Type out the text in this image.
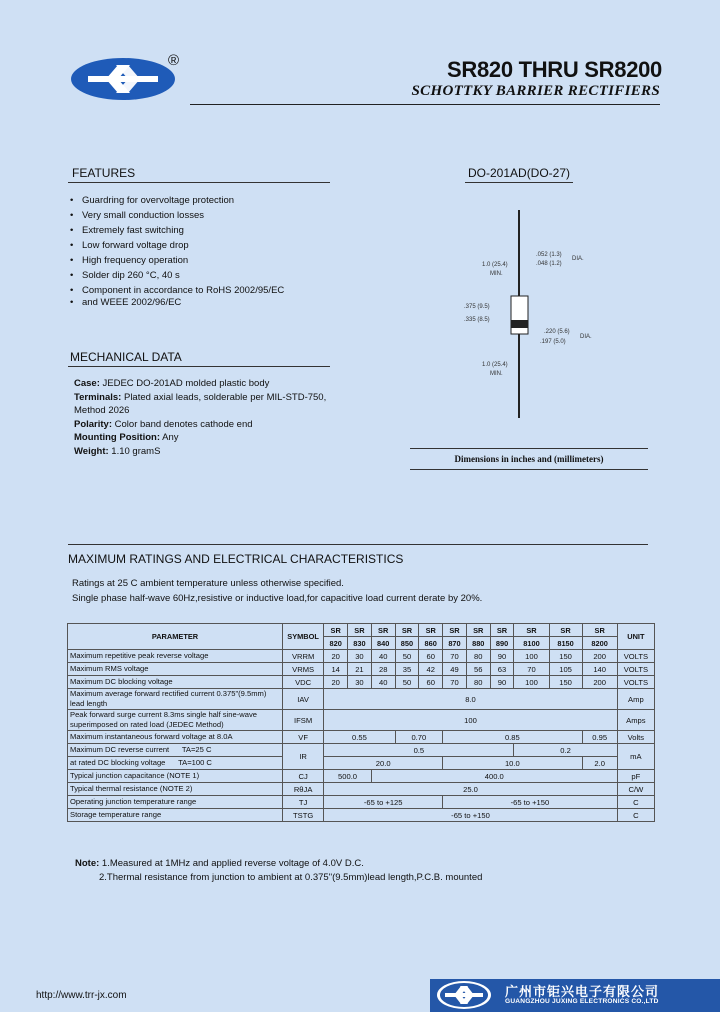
®	SR820 THRU SR8200
SCHOTTKY BARRIER RECTIFIERS
FEATURES
• Guardring for overvoltage protection
• Very small conduction losses
• Extremely fast switching
• Low forward voltage drop
• High frequency operation
• Solder dip 260 °C, 40 s
• Component in accordance to RoHS 2002/95/EC
• and WEEE 2002/96/EC
DO-201AD(DO-27)
1.0 (25.4)
MIN.
.052 (1.3)
.048 (1.2)
DIA.
.375 (9.5)
.335 (8.5)
.220 (5.6)
.197 (5.0)
DIA.
1.0 (25.4)
MIN.
Dimensions in inches and (millimeters)
MECHANICAL DATA
Case: JEDEC DO-201AD molded plastic body
Terminals: Plated axial leads, solderable per MIL-STD-750,
Method 2026
Polarity: Color band denotes cathode end
Mounting Position: Any
Weight: 1.10 gramS
MAXIMUM RATINGS AND ELECTRICAL CHARACTERISTICS
Ratings at 25 C ambient temperature unless otherwise specified.
Single phase half-wave 60Hz,resistive or inductive load,for capacitive load current derate by 20%.
PARAMETER	SYMBOL	SR	SR	SR	SR	SR	SR	SR	SR	SR	SR	SR	UNIT
		820	830	840	850	860	870	880	890	8100	8150	8200	
Maximum repetitive peak reverse voltage	VRRM	20	30	40	50	60	70	80	90	100	150	200	VOLTS
Maximum RMS voltage	VRMS	14	21	28	35	42	49	56	63	70	105	140	VOLTS
Maximum DC blocking voltage	VDC	20	30	40	50	60	70	80	90	100	150	200	VOLTS
Maximum average forward rectified current 0.375"(9.5mm) lead length	IAV	8.0											Amp
Peak forward surge current 8.3ms single half sine-wave superimposed on rated load (JEDEC Method)	IFSM	100											Amps
Maximum instantaneous forward voltage at 8.0A	VF	0.55			0.70		0.85					0.95	Volts
Maximum DC reverse current TA=25 C	IR	0.5								0.2			mA
at rated DC blocking voltage TA=100 C		20.0					10.0					2.0	
Typical junction capacitance (NOTE 1)	CJ	500.0		400.0									pF
Typical thermal resistance (NOTE 2)	RθJA	25.0											C/W
Operating junction temperature range	TJ	-65 to +125					-65 to +150						C
Storage temperature range	TSTG	-65 to +150											C
Note: 1.Measured at 1MHz and applied reverse voltage of 4.0V D.C.
2.Thermal resistance from junction to ambient at 0.375"(9.5mm)lead length,P.C.B. mounted
http://www.trr-jx.com	广州市钜兴电子有限公司
GUANGZHOU JUXING ELECTRONICS CO.,LTD
